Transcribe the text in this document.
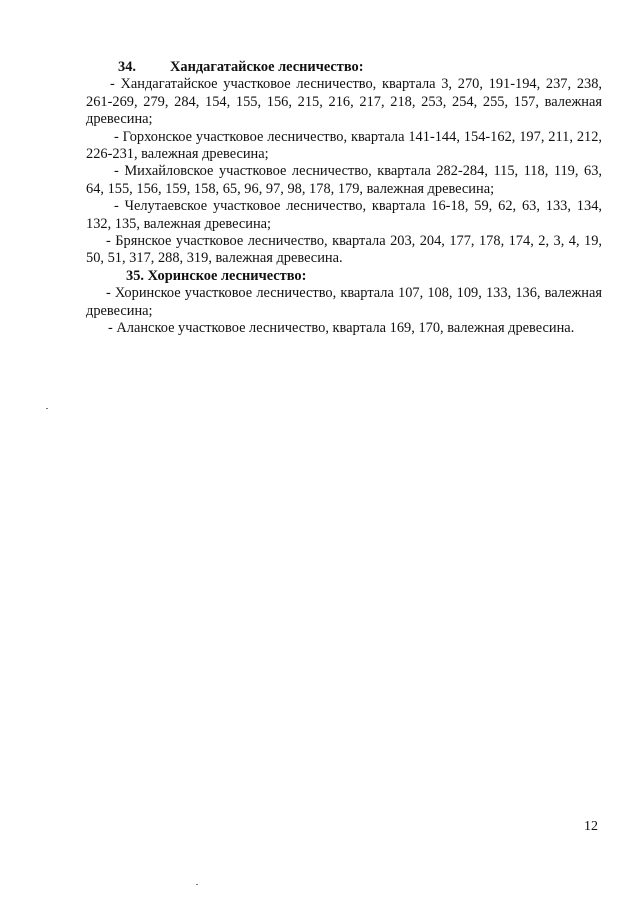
34. Хандагатайское лесничество:

- Хандагатайское участковое лесничество, квартала 3, 270, 191-194, 237, 238, 261-269, 279, 284, 154, 155, 156, 215, 216, 217, 218, 253, 254, 255, 157, валежная древесина;

- Горхонское участковое лесничество, квартала 141-144, 154-162, 197, 211, 212, 226-231, валежная древесина;

- Михайловское участковое лесничество, квартала 282-284, 115, 118, 119, 63, 64, 155, 156, 159, 158, 65, 96, 97, 98, 178, 179, валежная древесина;

- Челутаевское участковое лесничество, квартала 16-18, 59, 62, 63, 133, 134, 132, 135, валежная древесина;

- Брянское участковое лесничество, квартала 203, 204, 177, 178, 174, 2, 3, 4, 19, 50, 51, 317, 288, 319, валежная древесина.

35. Хоринское лесничество:

- Хоринское участковое лесничество, квартала 107, 108, 109, 133, 136, валежная древесина;

- Аланское участковое лесничество, квартала 169, 170, валежная древесина.

12
